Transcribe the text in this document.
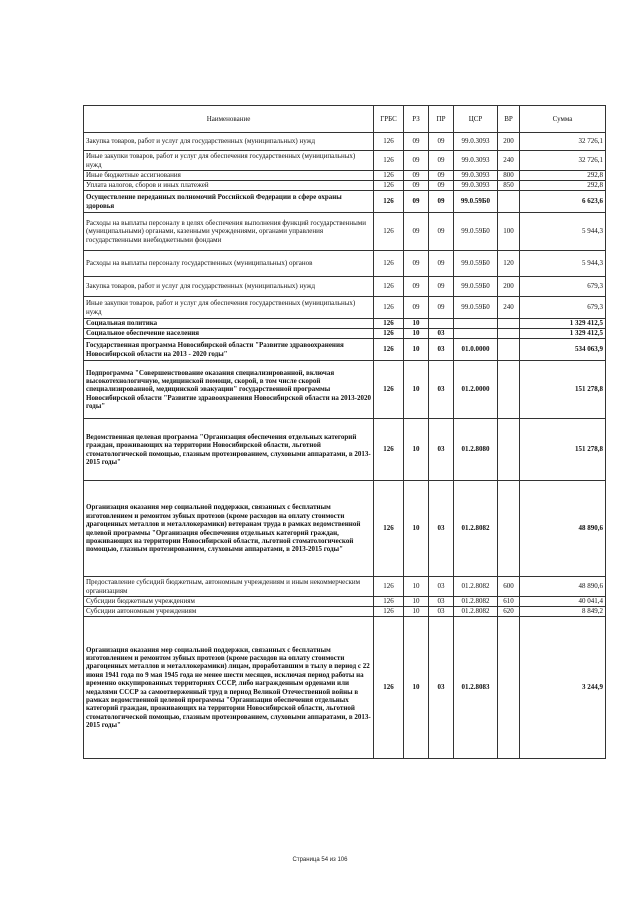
Наименование	ГРБС	РЗ	ПР	ЦСР	ВР	Сумма
Закупка товаров, работ и услуг для государственных (муниципальных) нужд	126	09	09	99.0.3093	200	32 726,1
Иные закупки товаров, работ и услуг для обеспечения государственных (муниципальных) нужд	126	09	09	99.0.3093	240	32 726,1
Иные бюджетные ассигнования	126	09	09	99.0.3093	800	292,8
Уплата налогов, сборов и иных платежей	126	09	09	99.0.3093	850	292,8
Осуществление переданных полномочий Российской Федерации в сфере охраны здоровья	126	09	09	99.0.59Б0		6 623,6
Расходы на выплаты персоналу в целях обеспечения выполнения функций государственными (муниципальными) органами, казенными учреждениями, органами управления государственными внебюджетными фондами	126	09	09	99.0.59Б0	100	5 944,3
Расходы на выплаты персоналу государственных (муниципальных) органов	126	09	09	99.0.59Б0	120	5 944,3
Закупка товаров, работ и услуг для государственных (муниципальных) нужд	126	09	09	99.0.59Б0	200	679,3
Иные закупки товаров, работ и услуг для обеспечения государственных (муниципальных) нужд	126	09	09	99.0.59Б0	240	679,3
Социальная политика	126	10				1 329 412,5
Социальное обеспечение населения	126	10	03			1 329 412,5
Государственная программа Новосибирской области "Развитие здравоохранения Новосибирской области на 2013 - 2020 годы"	126	10	03	01.0.0000		534 063,9
Подпрограмма "Совершенствование оказания специализированной, включая высокотехнологичную, медицинской помощи, скорой, в том числе скорой специализированной, медицинской эвакуации" государственной программы Новосибирской области "Развитие здравоохранения Новосибирской области на 2013-2020 годы"	126	10	03	01.2.0000		151 278,8
Ведомственная целевая программа "Организация обеспечения отдельных категорий граждан, проживающих на территории Новосибирской области, льготной стоматологической помощью, глазным протезированием, слуховыми аппаратами, в 2013-2015 годы"	126	10	03	01.2.8080		151 278,8
Организация оказания мер социальной поддержки, связанных с бесплатным изготовлением и ремонтом зубных протезов (кроме расходов на оплату стоимости драгоценных металлов и металлокерамики) ветеранам труда в рамках ведомственной целевой программы "Организация обеспечения отдельных категорий граждан, проживающих на территории Новосибирской области, льготной стоматологической помощью, глазным протезированием, слуховыми аппаратами, в 2013-2015 годы"	126	10	03	01.2.8082		48 890,6
Предоставление субсидий бюджетным, автономным учреждениям и иным некоммерческим организациям	126	10	03	01.2.8082	600	48 890,6
Субсидии бюджетным учреждениям	126	10	03	01.2.8082	610	40 041,4
Субсидии автономным учреждениям	126	10	03	01.2.8082	620	8 849,2
Организация оказания мер социальной поддержки, связанных с бесплатным изготовлением и ремонтом зубных протезов (кроме расходов на оплату стоимости драгоценных металлов и металлокерамики) лицам, проработавшим в тылу в период с 22 июня 1941 года по 9 мая 1945 года не менее шести месяцев, исключая период работы на временно оккупированных территориях СССР, либо награжденным орденами или медалями СССР за самоотверженный труд в период Великой Отечественной войны в рамках ведомственной целевой программы "Организация обеспечения отдельных категорий граждан, проживающих на территории Новосибирской области, льготной стоматологической помощью, глазным протезированием, слуховыми аппаратами, в 2013-2015 годы"	126	10	03	01.2.8083		3 244,9
Страница 54 из 106
